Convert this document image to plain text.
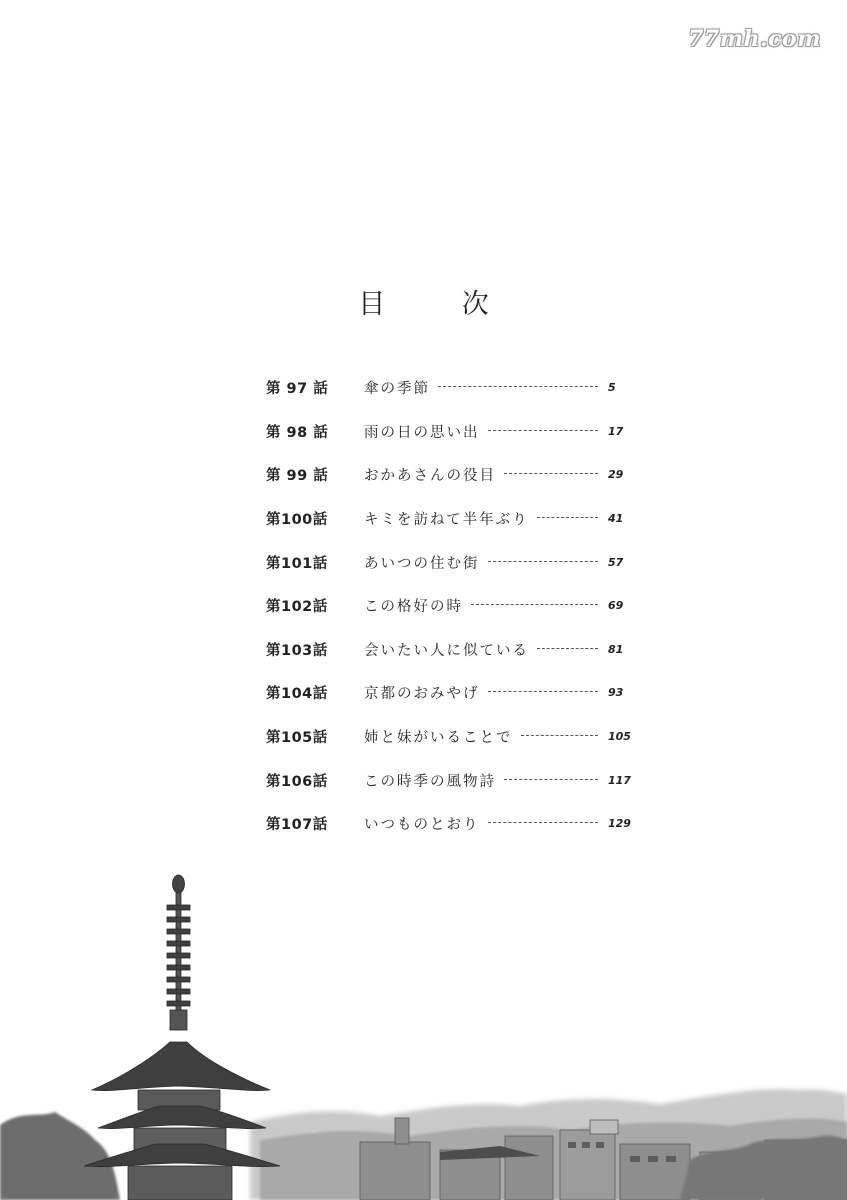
77mh.com
目 次
第 97 話	傘の季節	5
第 98 話	雨の日の思い出	17
第 99 話	おかあさんの役目	29
第100話	キミを訪ねて半年ぶり	41
第101話	あいつの住む街	57
第102話	この格好の時	69
第103話	会いたい人に似ている	81
第104話	京都のおみやげ	93
第105話	姉と妹がいることで	105
第106話	この時季の風物詩	117
第107話	いつものとおり	129
